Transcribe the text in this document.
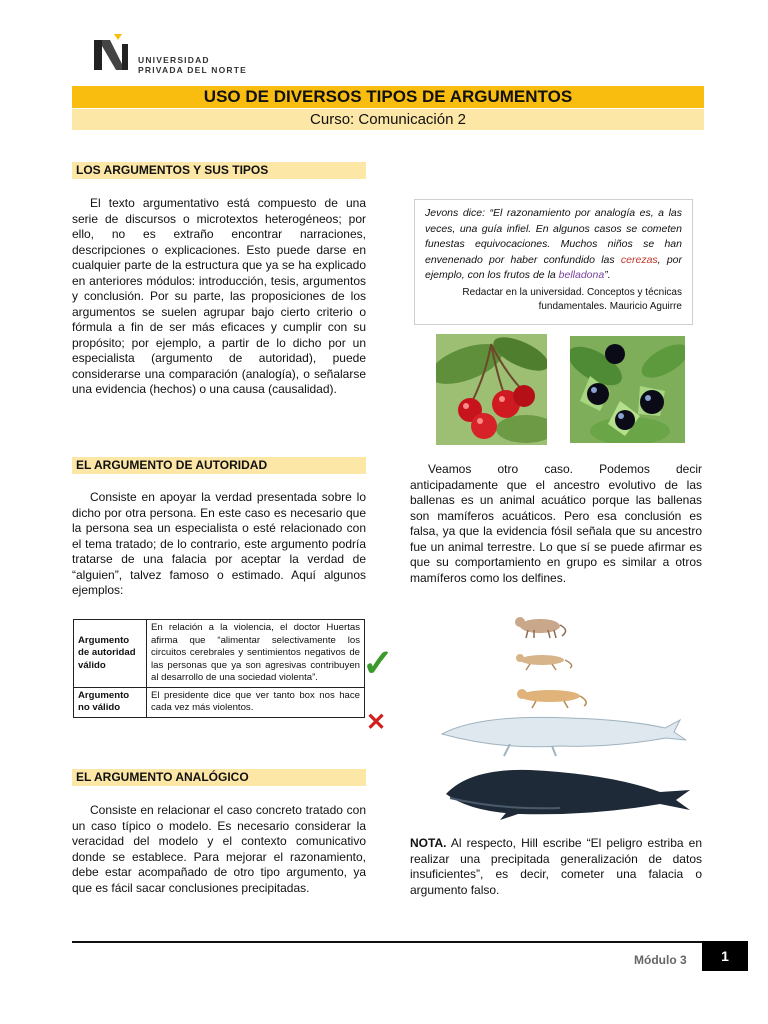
UNIVERSIDAD
PRIVADA DEL NORTE
USO DE DIVERSOS TIPOS DE ARGUMENTOS
Curso: Comunicación 2
LOS ARGUMENTOS Y SUS TIPOS
El texto argumentativo está compuesto de una serie de discursos o microtextos heterogéneos; por ello, no es extraño encontrar narraciones, descripciones o explicaciones. Esto puede darse en cualquier parte de la estructura que ya se ha explicado en anteriores módulos: introducción, tesis, argumentos y conclusión. Por su parte, las proposiciones de los argumentos se suelen agrupar bajo cierto criterio o fórmula a fin de ser más eficaces y cumplir con su propósito; por ejemplo, a partir de lo dicho por un especialista (argumento de autoridad), puede considerarse una comparación (analogía), o señalarse una evidencia (hechos) o una causa (causalidad).
EL ARGUMENTO DE AUTORIDAD
Consiste en apoyar la verdad presentada sobre lo dicho por otra persona. En este caso es necesario que la persona sea un especialista o esté relacionado con el tema tratado; de lo contrario, este argumento podría tratarse de una falacia por aceptar la verdad de “alguien”, talvez famoso o estimado. Aquí algunos ejemplos:
Argumento de autoridad válido	En relación a la violencia, el doctor Huertas afirma que “alimentar selectivamente los circuitos cerebrales y sentimientos negativos de las personas que ya son agresivas contribuyen al desarrollo de una sociedad violenta”.
Argumento no válido	El presidente dice que ver tanto box nos hace cada vez más violentos.
✓
✕
EL ARGUMENTO ANALÓGICO
Consiste en relacionar el caso concreto tratado con un caso típico o modelo. Es necesario considerar la veracidad del modelo y el contexto comunicativo donde se establece. Para mejorar el razonamiento, debe estar acompañado de otro tipo argumento, ya que es fácil sacar conclusiones precipitadas.
Jevons dice: “El razonamiento por analogía es, a las veces, una guía infiel. En algunos casos se cometen funestas equivocaciones. Muchos niños se han envenenado por haber confundido las cerezas, por ejemplo, con los frutos de la belladona”.
Redactar en la universidad. Conceptos y técnicas fundamentales. Mauricio Aguirre
Veamos otro caso. Podemos decir anticipadamente que el ancestro evolutivo de las ballenas es un animal acuático porque las ballenas son mamíferos acuáticos. Pero esa conclusión es falsa, ya que la evidencia fósil señala que su ancestro fue un animal terrestre. Lo que sí se puede afirmar es que su comportamiento en grupo es similar a otros mamíferos como los delfines.
NOTA. Al respecto, Hill escribe “El peligro estriba en realizar una precipitada generalización de datos insuficientes”, es decir, cometer una falacia o argumento falso.
Módulo 3	1
